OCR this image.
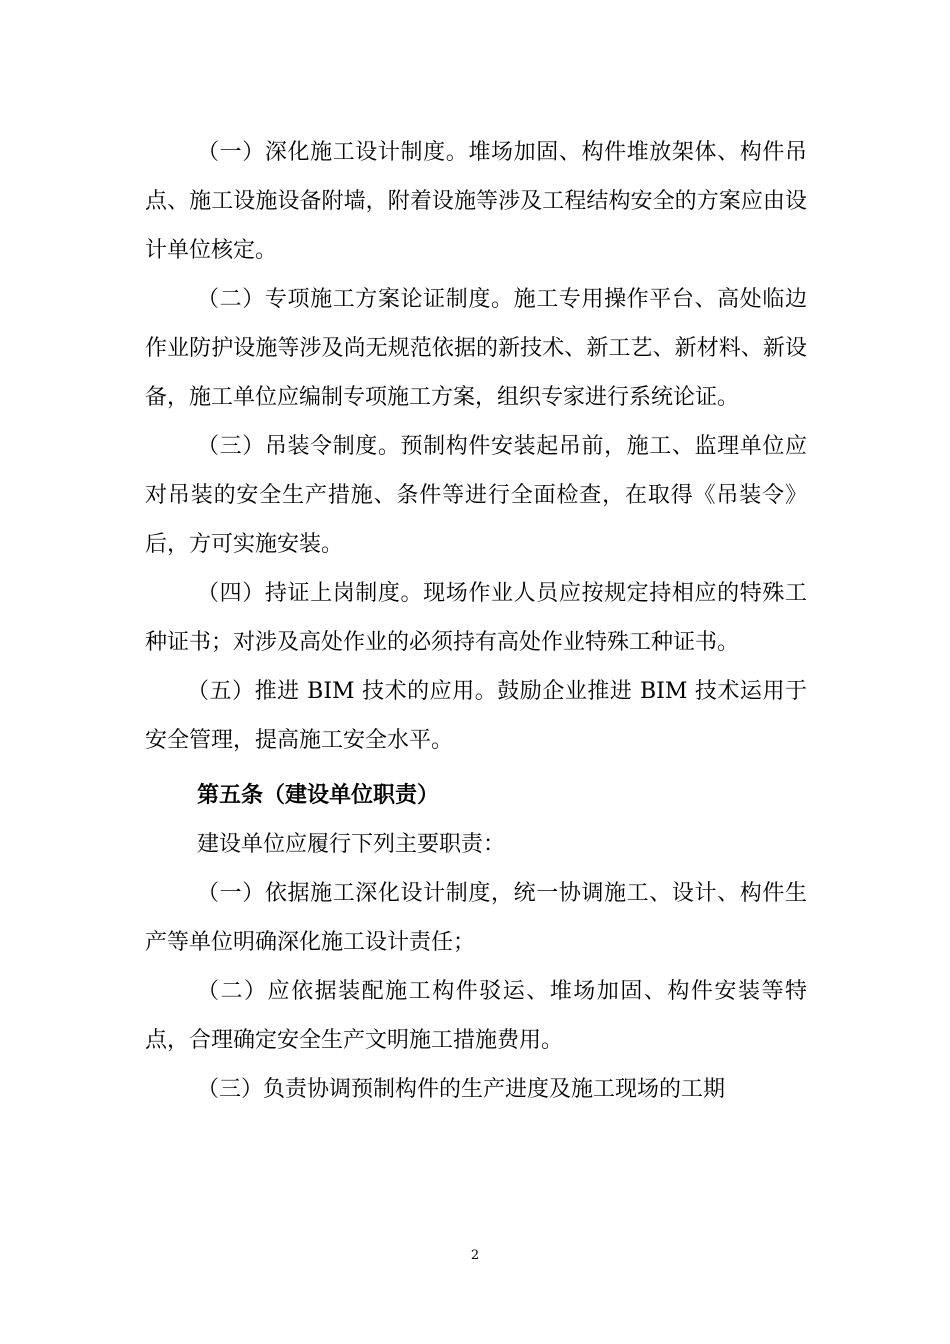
（一）深化施工设计制度。堆场加固、构件堆放架体、构件吊点、施工设施设备附墙，附着设施等涉及工程结构安全的方案应由设计单位核定。

（二）专项施工方案论证制度。施工专用操作平台、高处临边作业防护设施等涉及尚无规范依据的新技术、新工艺、新材料、新设备，施工单位应编制专项施工方案，组织专家进行系统论证。

（三）吊装令制度。预制构件安装起吊前，施工、监理单位应对吊装的安全生产措施、条件等进行全面检查，在取得《吊装令》后，方可实施安装。

（四）持证上岗制度。现场作业人员应按规定持相应的特殊工种证书；对涉及高处作业的必须持有高处作业特殊工种证书。

（五）推进 BIM 技术的应用。鼓励企业推进 BIM 技术运用于安全管理，提高施工安全水平。

第五条（建设单位职责）

建设单位应履行下列主要职责：

（一）依据施工深化设计制度，统一协调施工、设计、构件生产等单位明确深化施工设计责任；

（二）应依据装配施工构件驳运、堆场加固、构件安装等特点，合理确定安全生产文明施工措施费用。

（三）负责协调预制构件的生产进度及施工现场的工期

2
